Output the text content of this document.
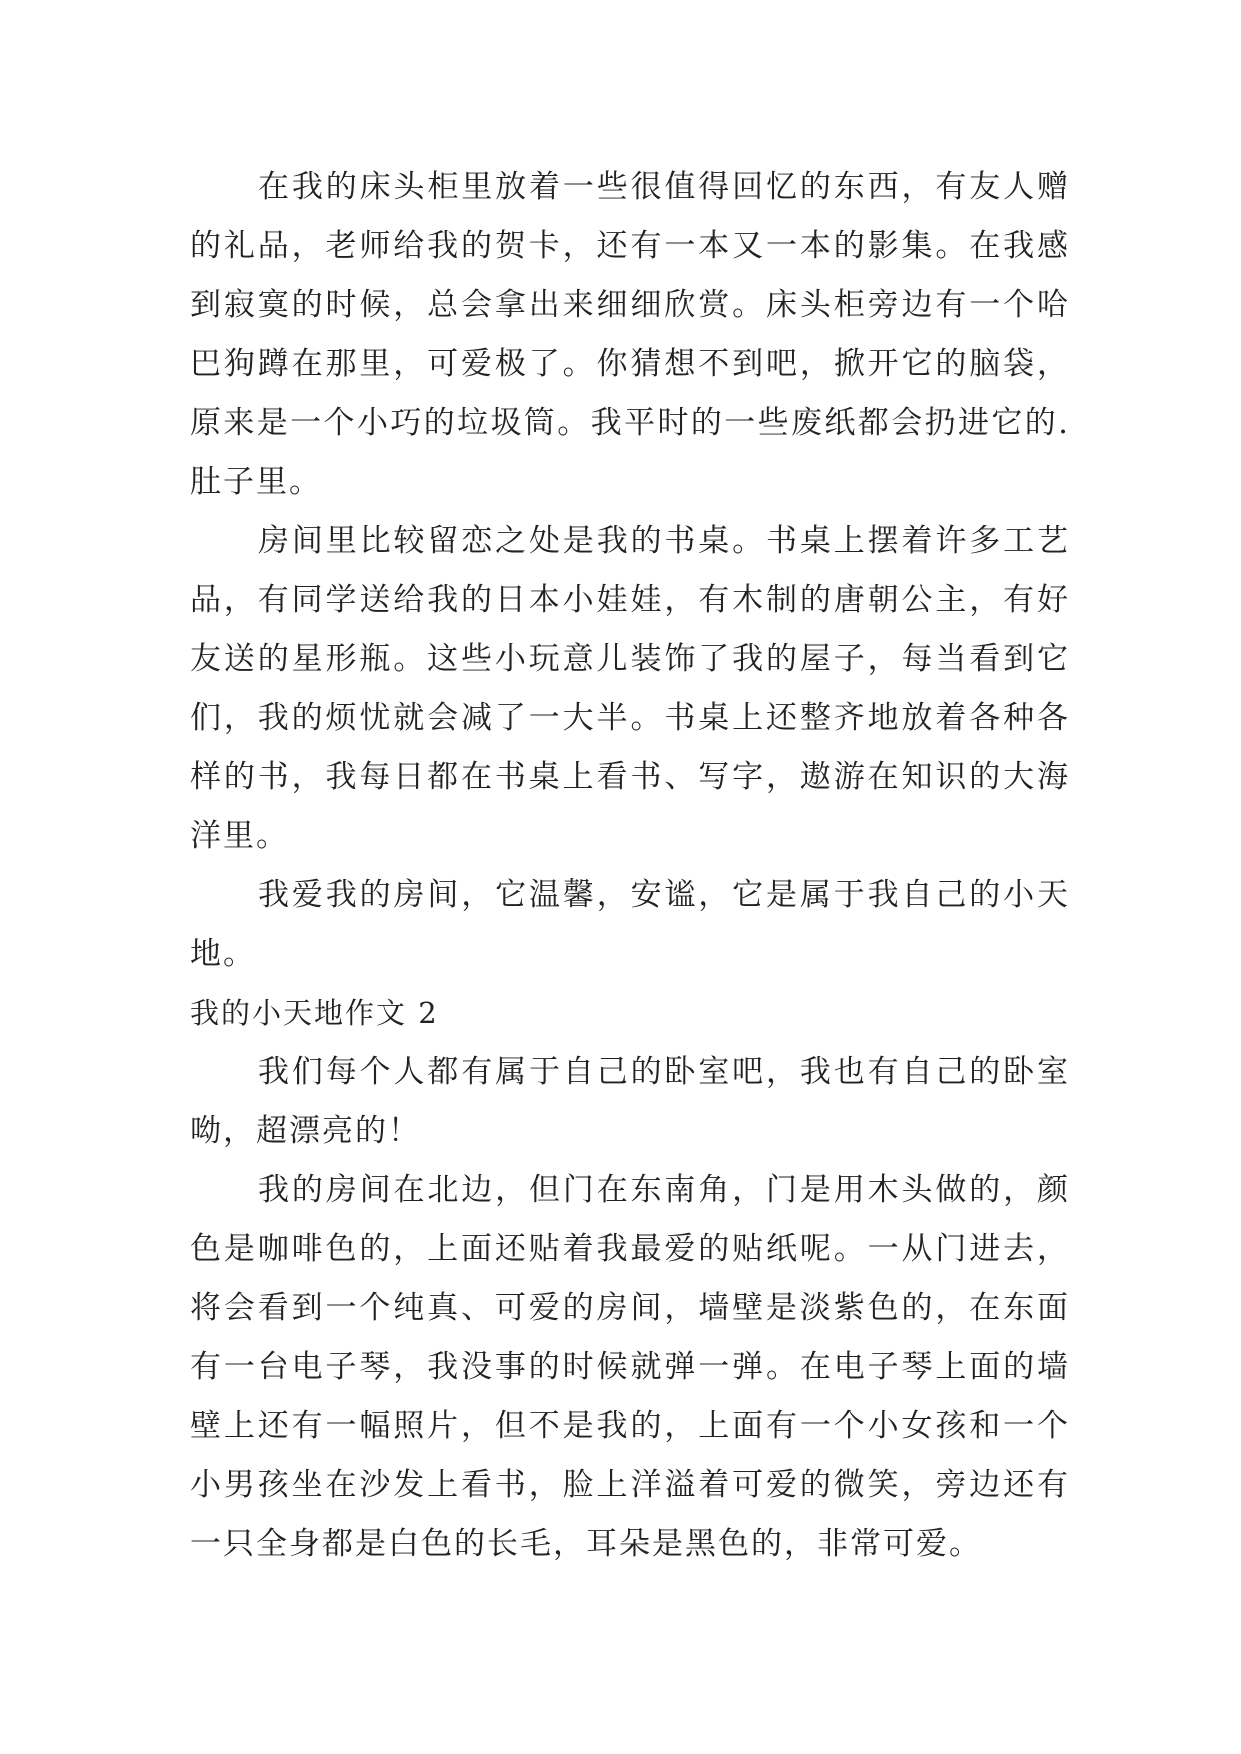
在我的床头柜里放着一些很值得回忆的东西，有友人赠的礼品，老师给我的贺卡，还有一本又一本的影集。在我感到寂寞的时候，总会拿出来细细欣赏。床头柜旁边有一个哈巴狗蹲在那里，可爱极了。你猜想不到吧，掀开它的脑袋，原来是一个小巧的垃圾筒。我平时的一些废纸都会扔进它的.肚子里。

房间里比较留恋之处是我的书桌。书桌上摆着许多工艺品，有同学送给我的日本小娃娃，有木制的唐朝公主，有好友送的星形瓶。这些小玩意儿装饰了我的屋子，每当看到它们，我的烦忧就会减了一大半。书桌上还整齐地放着各种各样的书，我每日都在书桌上看书、写字，遨游在知识的大海洋里。

我爱我的房间，它温馨，安谧，它是属于我自己的小天地。

我的小天地作文 2

我们每个人都有属于自己的卧室吧，我也有自己的卧室呦，超漂亮的！

我的房间在北边，但门在东南角，门是用木头做的，颜色是咖啡色的，上面还贴着我最爱的贴纸呢。一从门进去，将会看到一个纯真、可爱的房间，墙壁是淡紫色的，在东面有一台电子琴，我没事的时候就弹一弹。在电子琴上面的墙壁上还有一幅照片，但不是我的，上面有一个小女孩和一个小男孩坐在沙发上看书，脸上洋溢着可爱的微笑，旁边还有一只全身都是白色的长毛，耳朵是黑色的，非常可爱。
